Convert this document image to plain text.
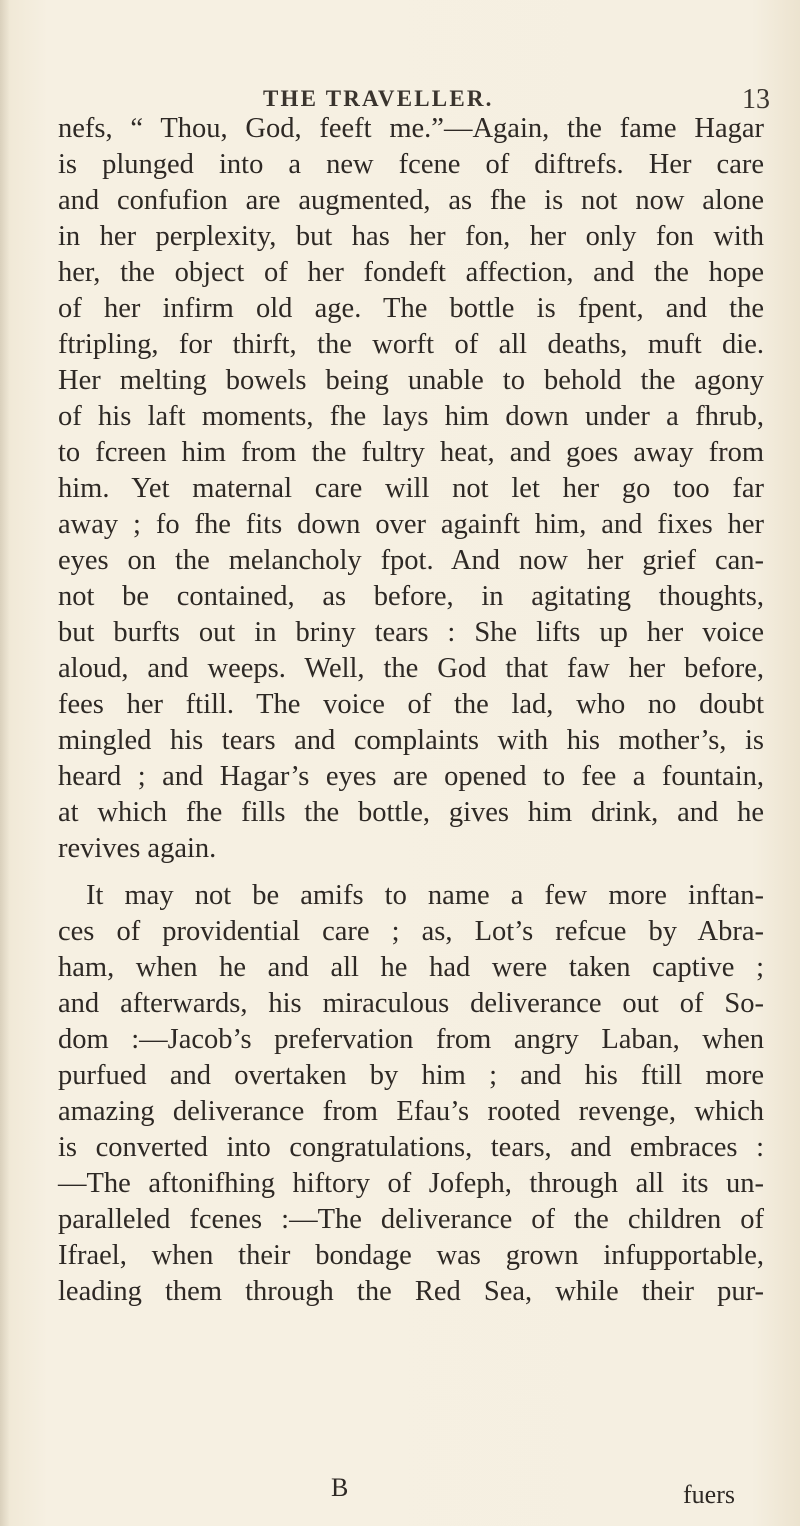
THE TRAVELLER.	13
nefs, “ Thou, God, feeft me.”—Again, the fame Hagar
is plunged into a new fcene of diftrefs. Her care
and confufion are augmented, as fhe is not now alone
in her perplexity, but has her fon, her only fon with
her, the object of her fondeft affection, and the hope
of her infirm old age. The bottle is fpent, and the
ftripling, for thirft, the worft of all deaths, muft die.
Her melting bowels being unable to behold the agony
of his laft moments, fhe lays him down under a fhrub,
to fcreen him from the fultry heat, and goes away from
him. Yet maternal care will not let her go too far
away ; fo fhe fits down over againft him, and fixes her
eyes on the melancholy fpot. And now her grief can-
not be contained, as before, in agitating thoughts,
but burfts out in briny tears : She lifts up her voice
aloud, and weeps. Well, the God that faw her before,
fees her ftill. The voice of the lad, who no doubt
mingled his tears and complaints with his mother’s, is
heard ; and Hagar’s eyes are opened to fee a fountain,
at which fhe fills the bottle, gives him drink, and he
revives again.
It may not be amifs to name a few more inftan-
ces of providential care ; as, Lot’s refcue by Abra-
ham, when he and all he had were taken captive ;
and afterwards, his miraculous deliverance out of So-
dom :—Jacob’s prefervation from angry Laban, when
purfued and overtaken by him ; and his ftill more
amazing deliverance from Efau’s rooted revenge, which
is converted into congratulations, tears, and embraces :
—The aftonifhing hiftory of Jofeph, through all its un-
paralleled fcenes :—The deliverance of the children of
Ifrael, when their bondage was grown infupportable,
leading them through the Red Sea, while their pur-
B	fuers
